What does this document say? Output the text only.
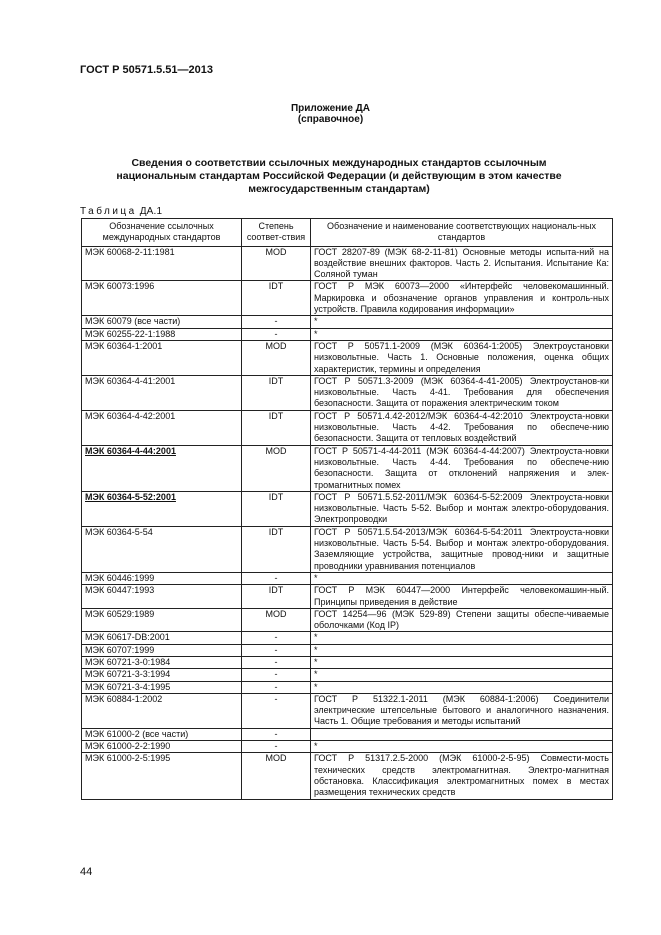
ГОСТ Р 50571.5.51—2013
Приложение ДА
(справочное)
Сведения о соответствии ссылочных международных стандартов ссылочным национальным стандартам Российской Федерации (и действующим в этом качестве межгосударственным стандартам)
Таблица ДА.1
Обозначение ссылочных международных стандартов	Степень соответ-ствия	Обозначение и наименование соответствующих националь-ных стандартов
МЭК 60068-2-11:1981	MOD	ГОСТ 28207-89 (МЭК 68-2-11-81) Основные методы испыта-ний на воздействие внешних факторов. Часть 2. Испытания. Испытание Ка: Соляной туман
МЭК 60073:1996	IDT	ГОСТ Р МЭК 60073—2000 «Интерфейс человекомашинный. Маркировка и обозначение органов управления и контроль-ных устройств. Правила кодирования информации»
МЭК 60079 (все части)	-	*
МЭК 60255-22-1:1988	-	*
МЭК 60364-1:2001	MOD	ГОСТ Р 50571.1-2009 (МЭК 60364-1:2005) Электроустановки низковольтные. Часть 1. Основные положения, оценка общих характеристик, термины и определения
МЭК 60364-4-41:2001	IDT	ГОСТ Р 50571.3-2009 (МЭК 60364-4-41-2005) Электроустанов-ки низковольтные. Часть 4-41. Требования для обеспечения безопасности. Защита от поражения электрическим током
МЭК 60364-4-42:2001	IDT	ГОСТ Р 50571.4.42-2012/МЭК 60364-4-42:2010 Электроуста-новки низковольтные. Часть 4-42. Требования по обеспече-нию безопасности. Защита от тепловых воздействий
МЭК 60364-4-44:2001	MOD	ГОСТ Р 50571-4-44-2011 (МЭК 60364-4-44:2007) Электроуста-новки низковольтные. Часть 4-44. Требования по обеспече-нию безопасности. Защита от отклонений напряжения и элек-тромагнитных помех
МЭК 60364-5-52:2001	IDT	ГОСТ Р 50571.5.52-2011/МЭК 60364-5-52:2009 Электроуста-новки низковольтные. Часть 5-52. Выбор и монтаж электро-оборудования. Электропроводки
МЭК 60364-5-54	IDT	ГОСТ Р 50571.5.54-2013/МЭК 60364-5-54:2011 Электроуста-новки низковольтные. Часть 5-54. Выбор и монтаж электро-оборудования. Заземляющие устройства, защитные провод-ники и защитные проводники уравнивания потенциалов
МЭК 60446:1999	-	*
МЭК 60447:1993	IDT	ГОСТ Р МЭК 60447—2000 Интерфейс человекомашин-ный. Принципы приведения в действие
МЭК 60529:1989	MOD	ГОСТ 14254—96 (МЭК 529-89) Степени защиты обеспе-чиваемые оболочками (Код IP)
МЭК 60617-DB:2001	-	*
МЭК 60707:1999	-	*
МЭК 60721-3-0:1984	-	*
МЭК 60721-3-3:1994	-	*
МЭК 60721-3-4:1995	-	*
МЭК 60884-1:2002	-	ГОСТ Р 51322.1-2011 (МЭК 60884-1:2006) Соединители электрические штепсельные бытового и аналогичного назначения. Часть 1. Общие требования и методы испытаний
МЭК 61000-2 (все части)	-	
МЭК 61000-2-2:1990	-	*
МЭК 61000-2-5:1995	MOD	ГОСТ Р 51317.2.5-2000 (МЭК 61000-2-5-95) Совмести-мость технических средств электромагнитная. Электро-магнитная обстановка. Классификация электромагнитных помех в местах размещения технических средств
44
